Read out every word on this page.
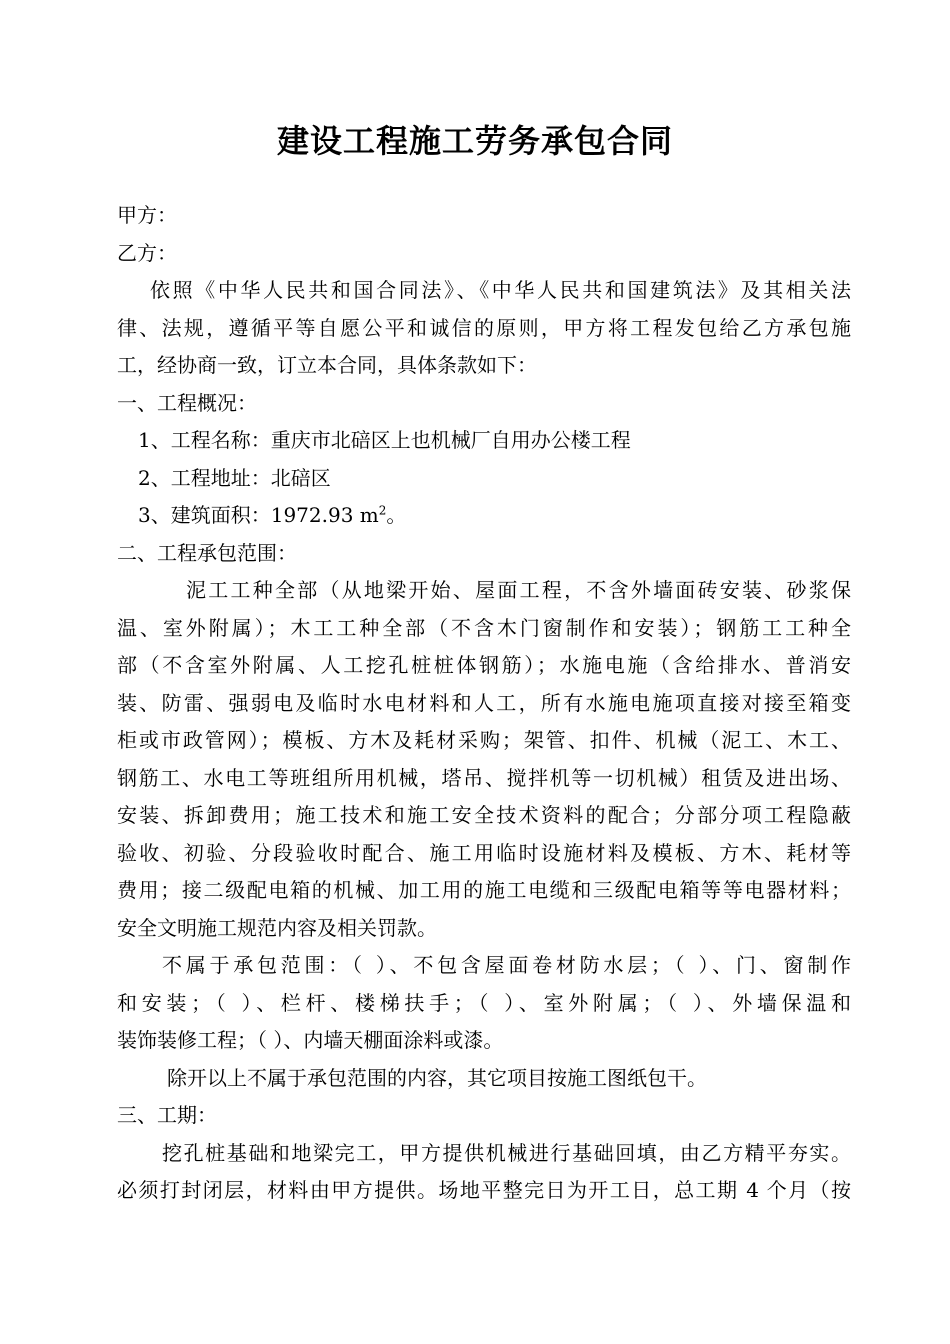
建设工程施工劳务承包合同

甲方：

乙方：

依照《中华人民共和国合同法》、《中华人民共和国建筑法》及其相关法

律、法规，遵循平等自愿公平和诚信的原则，甲方将工程发包给乙方承包施

工，经协商一致，订立本合同，具体条款如下：

一、工程概况：

1、工程名称：重庆市北碚区上也机械厂自用办公楼工程

2、工程地址：北碚区

3、建筑面积：1972.93 $m^2$。

二、工程承包范围：

泥工工种全部（从地梁开始、屋面工程，不含外墙面砖安装、砂浆保

温、室外附属）；木工工种全部（不含木门窗制作和安装）；钢筋工工种全

部（不含室外附属、人工挖孔桩桩体钢筋）；水施电施（含给排水、普消安

装、防雷、强弱电及临时水电材料和人工，所有水施电施项直接对接至箱变

柜或市政管网）；模板、方木及耗材采购；架管、扣件、机械（泥工、木工、

钢筋工、水电工等班组所用机械，塔吊、搅拌机等一切机械）租赁及进出场、

安装、拆卸费用；施工技术和施工安全技术资料的配合；分部分项工程隐蔽

验收、初验、分段验收时配合、施工用临时设施材料及模板、方木、耗材等

费用；接二级配电箱的机械、加工用的施工电缆和三级配电箱等等电器材料；

安全文明施工规范内容及相关罚款。

不属于承包范围：（ ）、不包含屋面卷材防水层；（ ）、门、窗制作

和安装；（ ）、栏杆、楼梯扶手；（ ）、室外附属；（ ）、外墙保温和

装饰装修工程；（ ）、内墙天棚面涂料或漆。

除开以上不属于承包范围的内容，其它项目按施工图纸包干。

三、工期：

挖孔桩基础和地梁完工，甲方提供机械进行基础回填，由乙方精平夯实。

必须打封闭层，材料由甲方提供。场地平整完日为开工日，总工期 4 个月（按
